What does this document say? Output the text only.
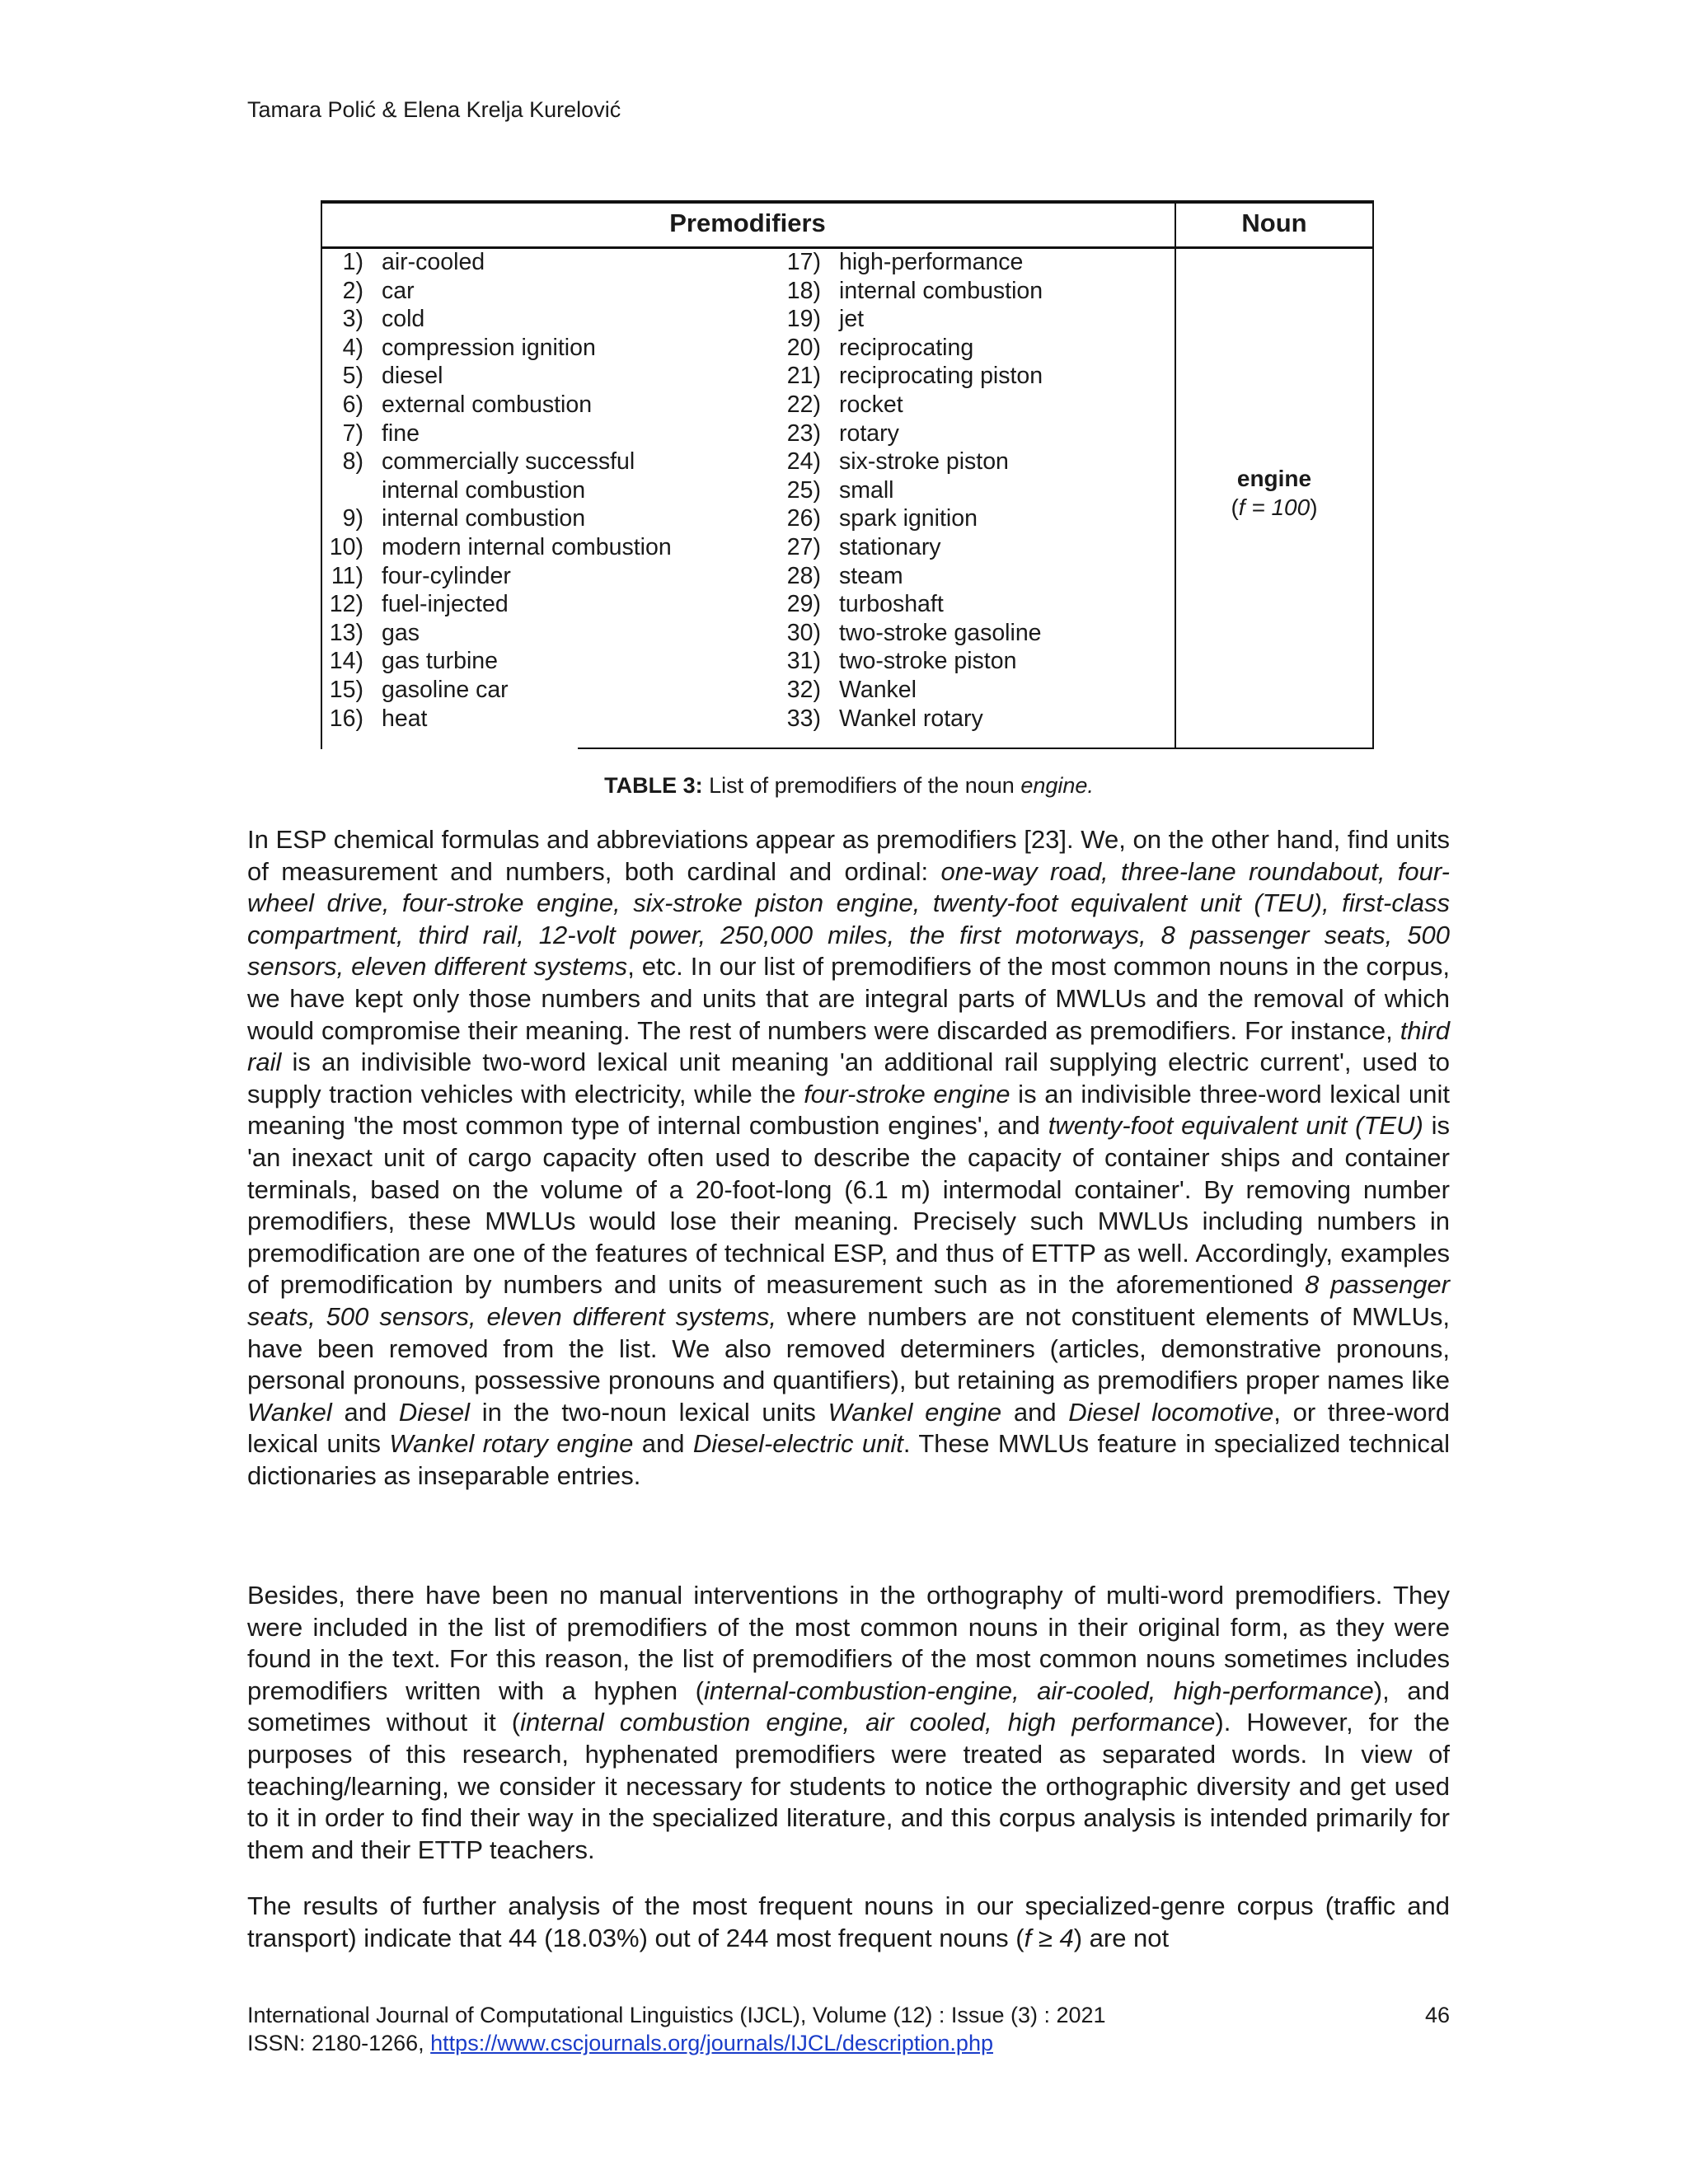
Tamara Polić & Elena Krelja Kurelović
Premodifiers	Noun
1) air-cooled
2) car
3) cold
4) compression ignition
5) diesel
6) external combustion
7) fine
8) commercially successful
internal combustion
9) internal combustion
10) modern internal combustion
11) four-cylinder
12) fuel-injected
13) gas
14) gas turbine
15) gasoline car
16) heat
17) high-performance
18) internal combustion
19) jet
20) reciprocating
21) reciprocating piston
22) rocket
23) rotary
24) six-stroke piston
25) small
26) spark ignition
27) stationary
28) steam
29) turboshaft
30) two-stroke gasoline
31) two-stroke piston
32) Wankel
33) Wankel rotary
engine
(f = 100)
TABLE 3: List of premodifiers of the noun engine.

In ESP chemical formulas and abbreviations appear as premodifiers [23]. We, on the other hand, find units of measurement and numbers, both cardinal and ordinal: one-way road, three-lane roundabout, four-wheel drive, four-stroke engine, six-stroke piston engine, twenty-foot equivalent unit (TEU), first-class compartment, third rail, 12-volt power, 250,000 miles, the first motorways, 8 passenger seats, 500 sensors, eleven different systems, etc. In our list of premodifiers of the most common nouns in the corpus, we have kept only those numbers and units that are integral parts of MWLUs and the removal of which would compromise their meaning. The rest of numbers were discarded as premodifiers. For instance, third rail is an indivisible two-word lexical unit meaning 'an additional rail supplying electric current', used to supply traction vehicles with electricity, while the four-stroke engine is an indivisible three-word lexical unit meaning 'the most common type of internal combustion engines', and twenty-foot equivalent unit (TEU) is 'an inexact unit of cargo capacity often used to describe the capacity of container ships and container terminals, based on the volume of a 20-foot-long (6.1 m) intermodal container'. By removing number premodifiers, these MWLUs would lose their meaning. Precisely such MWLUs including numbers in premodification are one of the features of technical ESP, and thus of ETTP as well. Accordingly, examples of premodification by numbers and units of measurement such as in the aforementioned 8 passenger seats, 500 sensors, eleven different systems, where numbers are not constituent elements of MWLUs, have been removed from the list. We also removed determiners (articles, demonstrative pronouns, personal pronouns, possessive pronouns and quantifiers), but retaining as premodifiers proper names like Wankel and Diesel in the two-noun lexical units Wankel engine and Diesel locomotive, or three-word lexical units Wankel rotary engine and Diesel-electric unit. These MWLUs feature in specialized technical dictionaries as inseparable entries.

Besides, there have been no manual interventions in the orthography of multi-word premodifiers. They were included in the list of premodifiers of the most common nouns in their original form, as they were found in the text. For this reason, the list of premodifiers of the most common nouns sometimes includes premodifiers written with a hyphen (internal-combustion-engine, air-cooled, high-performance), and sometimes without it (internal combustion engine, air cooled, high performance). However, for the purposes of this research, hyphenated premodifiers were treated as separated words. In view of teaching/learning, we consider it necessary for students to notice the orthographic diversity and get used to it in order to find their way in the specialized literature, and this corpus analysis is intended primarily for them and their ETTP teachers.

The results of further analysis of the most frequent nouns in our specialized-genre corpus (traffic and transport) indicate that 44 (18.03%) out of 244 most frequent nouns (f ≥ 4) are not

International Journal of Computational Linguistics (IJCL), Volume (12) : Issue (3) : 2021	46
ISSN: 2180-1266, https://www.cscjournals.org/journals/IJCL/description.php
